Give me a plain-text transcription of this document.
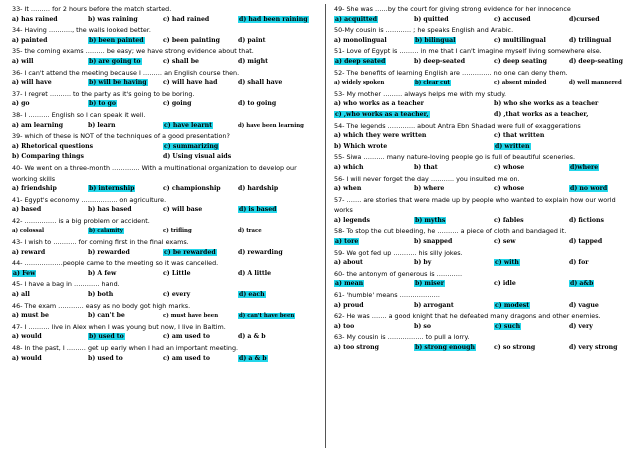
33- It ……… for 2 hours before the match started.
a) has rained	b) was raining	c) had rained	d) had been raining
34- Having ……….., the walls looked better.
a) painted	b) been painted	c) been painting	d) paint
35- the coming exams ……… be easy; we have strong evidence about that.
a) will	b) are going to	c) shall be	d) might
36- I can't attend the meeting because I ……… an English course then.
a) will have	b) will be having	c) will have had	d) shall have
37- I regret ………. to the party as it's going to be boring.
a) go	b) to go	c) going	d) to going
38- I ………. English so I can speak it well.
a) am learning	b) learn	c) have learnt	d) have been learning
39- which of these is NOT of the techniques of a good presentation?
a) Rhetorical questions	c) summarizing
b) Comparing things	d) Using visual aids
40- We went on a three-month …………. With a multinational organization to develop our working skills
a) friendship	b) internship	c) championship	d) hardship
41- Egypt's economy …………….. on agriculture.
a) based	b) has based	c) will base	d) is based
42- …………… is a big problem or accident.
a) colossal	b) calamity	c) trifling	d) trace
43- I wish to ……….. for coming first in the final exams.
a) reward	b) rewarded	c) be rewarded	d) rewarding
44- ………………people came to the meeting so it was cancelled.
a) Few	b) A few	c) Little	d) A little
45- I have a bag in ………… hand.
a) all	b) both	c) every	d) each
46- The exam ………… easy as no body got high marks.
a) must be	b) can't be	c) must have been	d) can't have been
47- I ………. live in Alex when I was young but now, I live in Baltim.
a) would	b) used to	c) am used to	d) a & b
48- In the past, I ……… get up early when I had an important meeting.
a) would	b) used to	c) am used to	d) a & b
49- She was ……by the court for giving strong evidence for her innocence
a) acquitted	b) quitted	c) accused	d)cursed
50-My cousin is ………… ; he speaks English and Arabic.
a) monolingual	b) bilingual	c) multilingual	d) trilingual
51- Love of Egypt is ……… in me that I can't imagine myself living somewhere else.
a) deep seated	b) deep-seated	c) deep seating	d) deep-seating
52- The benefits of learning English are ………….. no one can deny them.
a) widely spoken	b) clear cut	c) absent minded	d) well mannered
53- My mother ……… always helps me with my study.
a) who works as a teacher	b) who she works as a teacher
c) ,who works as a teacher,	d) ,that works as a teacher,
54- The legends …………. about Antra Ebn Shadad were full of exaggerations
a) which they were written	c) that written
b) Which wrote	d) written
55- Siwa ………. many nature-loving people go is full of beautiful sceneries.
a) which	b) that	c) whose	d)where
56- I will never forget the day ……….. you insulted me on.
a) when	b) where	c) whose	d) no word
57- ……. are stories that were made up by people who wanted to explain how our world works
a) legends	b) myths	c) fables	d) fictions
58- To stop the cut bleeding, he ………. a piece of cloth and bandaged it.
a) tore	b) snapped	c) sew	d) tapped
59- We got fed up ……….. his silly jokes.
a) about	b) by	c) with	d) for
60- the antonym of generous is …………
a) mean	b) miser	c) idle	d) a&b
61- 'humble' means ……………….
a) proud	b) arrogant	c) modest	d) vague
62- He was ……. a good knight that he defeated many dragons and other enemies.
a) too	b) so	c) such	d) very
63- My cousin is …………….. to pull a lorry.
a) too strong	b) strong enough	c) so strong	d) very strong
